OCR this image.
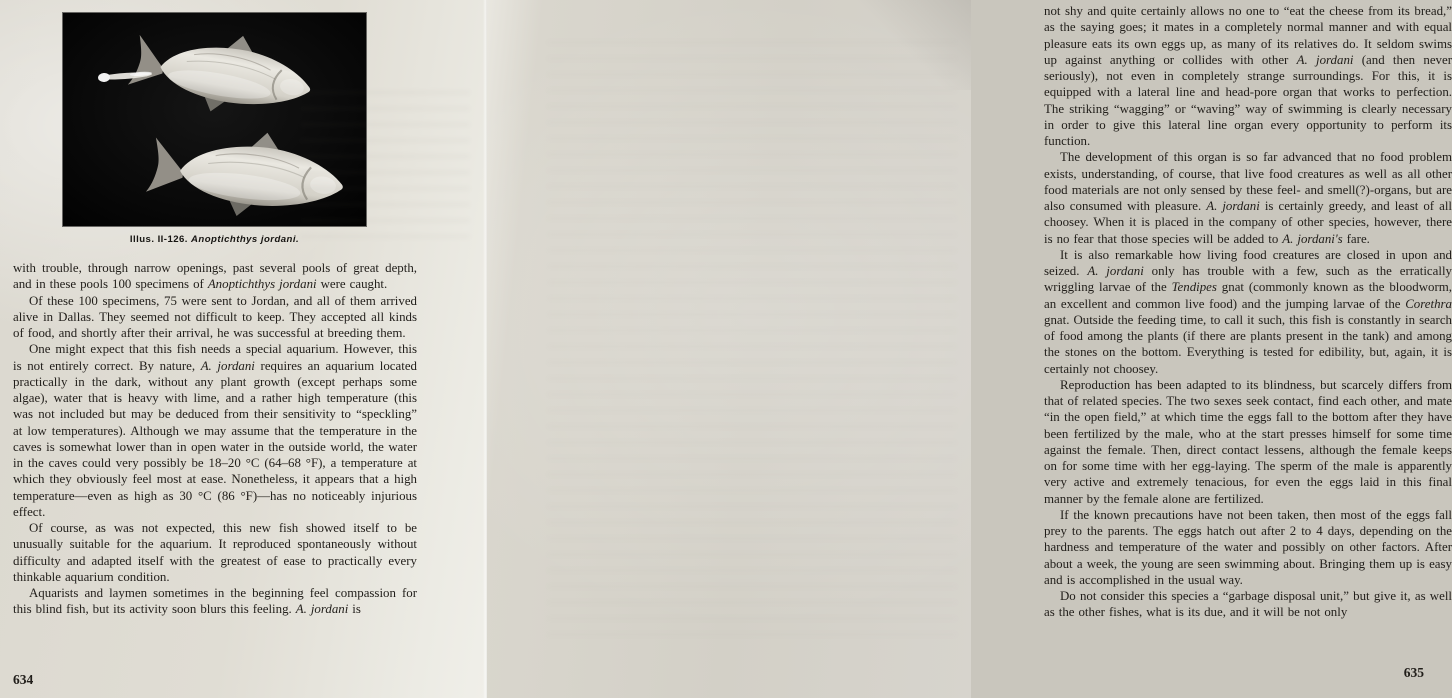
Illus. II-126. Anoptichthys jordani.

with trouble, through narrow openings, past several pools of great depth, and in these pools 100 specimens of Anoptichthys jordani were caught.

Of these 100 specimens, 75 were sent to Jordan, and all of them arrived alive in Dallas. They seemed not difficult to keep. They accepted all kinds of food, and shortly after their arrival, he was successful at breeding them.

One might expect that this fish needs a special aquarium. However, this is not entirely correct. By nature, A. jordani requires an aquarium located practically in the dark, without any plant growth (except perhaps some algae), water that is heavy with lime, and a rather high temperature (this was not included but may be deduced from their sensitivity to “speckling” at low temperatures). Although we may assume that the temperature in the caves is somewhat lower than in open water in the outside world, the water in the caves could very possibly be 18–20 °C (64–68 °F), a temperature at which they obviously feel most at ease. Nonetheless, it appears that a high temperature—even as high as 30 °C (86 °F)—has no noticeably injurious effect.

Of course, as was not expected, this new fish showed itself to be unusually suitable for the aquarium. It reproduced spontaneously without difficulty and adapted itself with the greatest of ease to practically every thinkable aquarium condition.

Aquarists and laymen sometimes in the beginning feel compassion for this blind fish, but its activity soon blurs this feeling. A. jordani is

634

not shy and quite certainly allows no one to “eat the cheese from its bread,” as the saying goes; it mates in a completely normal manner and with equal pleasure eats its own eggs up, as many of its relatives do. It seldom swims up against anything or collides with other A. jordani (and then never seriously), not even in completely strange surroundings. For this, it is equipped with a lateral line and head-pore organ that works to perfection. The striking “wagging” or “waving” way of swimming is clearly necessary in order to give this lateral line organ every opportunity to perform its function.

The development of this organ is so far advanced that no food problem exists, understanding, of course, that live food creatures as well as all other food materials are not only sensed by these feel- and smell(?)-organs, but are also consumed with pleasure. A. jordani is certainly greedy, and least of all choosey. When it is placed in the company of other species, however, there is no fear that those species will be added to A. jordani's fare.

It is also remarkable how living food creatures are closed in upon and seized. A. jordani only has trouble with a few, such as the erratically wriggling larvae of the Tendipes gnat (commonly known as the bloodworm, an excellent and common live food) and the jumping larvae of the Corethra gnat. Outside the feeding time, to call it such, this fish is constantly in search of food among the plants (if there are plants present in the tank) and among the stones on the bottom. Everything is tested for edibility, but, again, it is certainly not choosey.

Reproduction has been adapted to its blindness, but scarcely differs from that of related species. The two sexes seek contact, find each other, and mate “in the open field,” at which time the eggs fall to the bottom after they have been fertilized by the male, who at the start presses himself for some time against the female. Then, direct contact lessens, although the female keeps on for some time with her egg-laying. The sperm of the male is apparently very active and extremely tenacious, for even the eggs laid in this final manner by the female alone are fertilized.

If the known precautions have not been taken, then most of the eggs fall prey to the parents. The eggs hatch out after 2 to 4 days, depending on the hardness and temperature of the water and possibly on other factors. After about a week, the young are seen swimming about. Bringing them up is easy and is accomplished in the usual way.

Do not consider this species a “garbage disposal unit,” but give it, as well as the other fishes, what is its due, and it will be not only

635
